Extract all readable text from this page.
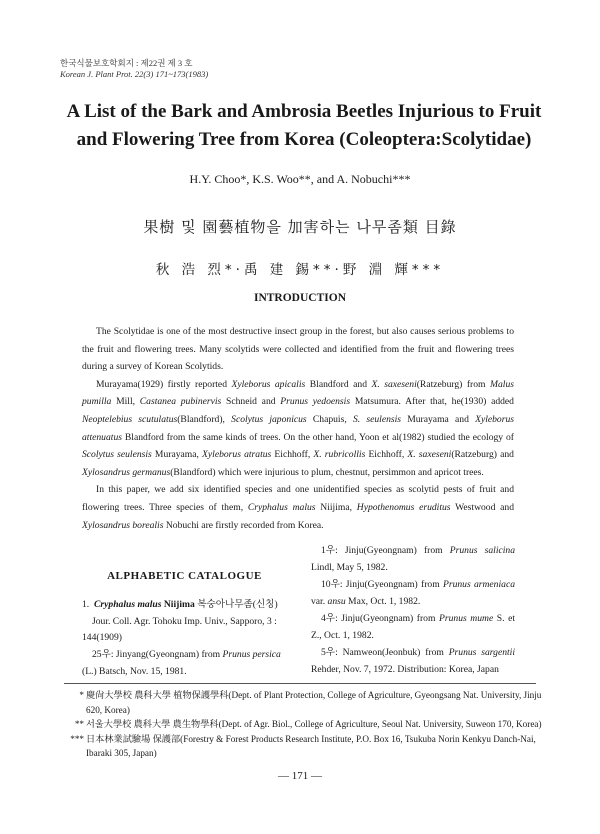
한국식물보호학회지 : 제22권 제 3 호
Korean J. Plant Prot. 22(3) 171~173(1983)
A List of the Bark and Ambrosia Beetles Injurious to Fruit
and Flowering Tree from Korea (Coleoptera:Scolytidae)
H.Y. Choo*, K.S. Woo**, and A. Nobuchi***
果樹 및 園藝植物을 加害하는 나무좀類 目錄
秋 浩 烈*·禹 建 錫**·野 淵 輝***
INTRODUCTION

The Scolytidae is one of the most destructive insect group in the forest, but also causes serious problems to the fruit and flowering trees. Many scolytids were collected and identified from the fruit and flowering trees during a survey of Korean Scolytids.

Murayama(1929) firstly reported Xyleborus apicalis Blandford and X. saxeseni(Ratzeburg) from Malus pumilla Mill, Castanea pubinervis Schneid and Prunus yedoensis Matsumura. After that, he(1930) added Neoptelebius scutulatus(Blandford), Scolytus japonicus Chapuis, S. seulensis Murayama and Xyleborus attenuatus Blandford from the same kinds of trees. On the other hand, Yoon et al(1982) studied the ecology of Scolytus seulensis Murayama, Xyleborus atratus Eichhoff, X. rubricollis Eichhoff, X. saxeseni(Ratzeburg) and Xylosandrus germanus(Blandford) which were injurious to plum, chestnut, persimmon and apricot trees.

In this paper, we add six identified species and one unidentified species as scolytid pests of fruit and flowering trees. Three species of them, Cryphalus malus Niijima, Hypothenomus eruditus Westwood and Xylosandrus borealis Nobuchi are firstly recorded from Korea.

ALPHABETIC CATALOGUE

1. Cryphalus malus Niijima 복숭아나무좀(신칭)

Jour. Coll. Agr. Tohoku Imp. Univ., Sapporo, 3 : 144(1909)

25우: Jinyang(Gyeongnam) from Prunus persica (L.) Batsch, Nov. 15, 1981.

1우: Jinju(Gyeongnam) from Prunus salicina Lindl, May 5, 1982.

10우: Jinju(Gyeongnam) from Prunus armeniaca var. ansu Max, Oct. 1, 1982.

4우: Jinju(Gyeongnam) from Prunus mume S. et Z., Oct. 1, 1982.

5우: Namweon(Jeonbuk) from Prunus sargentii Rehder, Nov. 7, 1972. Distribution: Korea, Japan

* 慶尙大學校 農科大學 植物保護學科(Dept. of Plant Protection, College of Agriculture, Gyeongsang Nat. University, Jinju 620, Korea)
** 서울大學校 農科大學 農生物學科(Dept. of Agr. Biol., College of Agriculture, Seoul Nat. University, Suweon 170, Korea)
*** 日本林業試驗場 保護部(Forestry & Forest Products Research Institute, P.O. Box 16, Tsukuba Norin Kenkyu Danch-Nai, Ibaraki 305, Japan)
— 171 —
